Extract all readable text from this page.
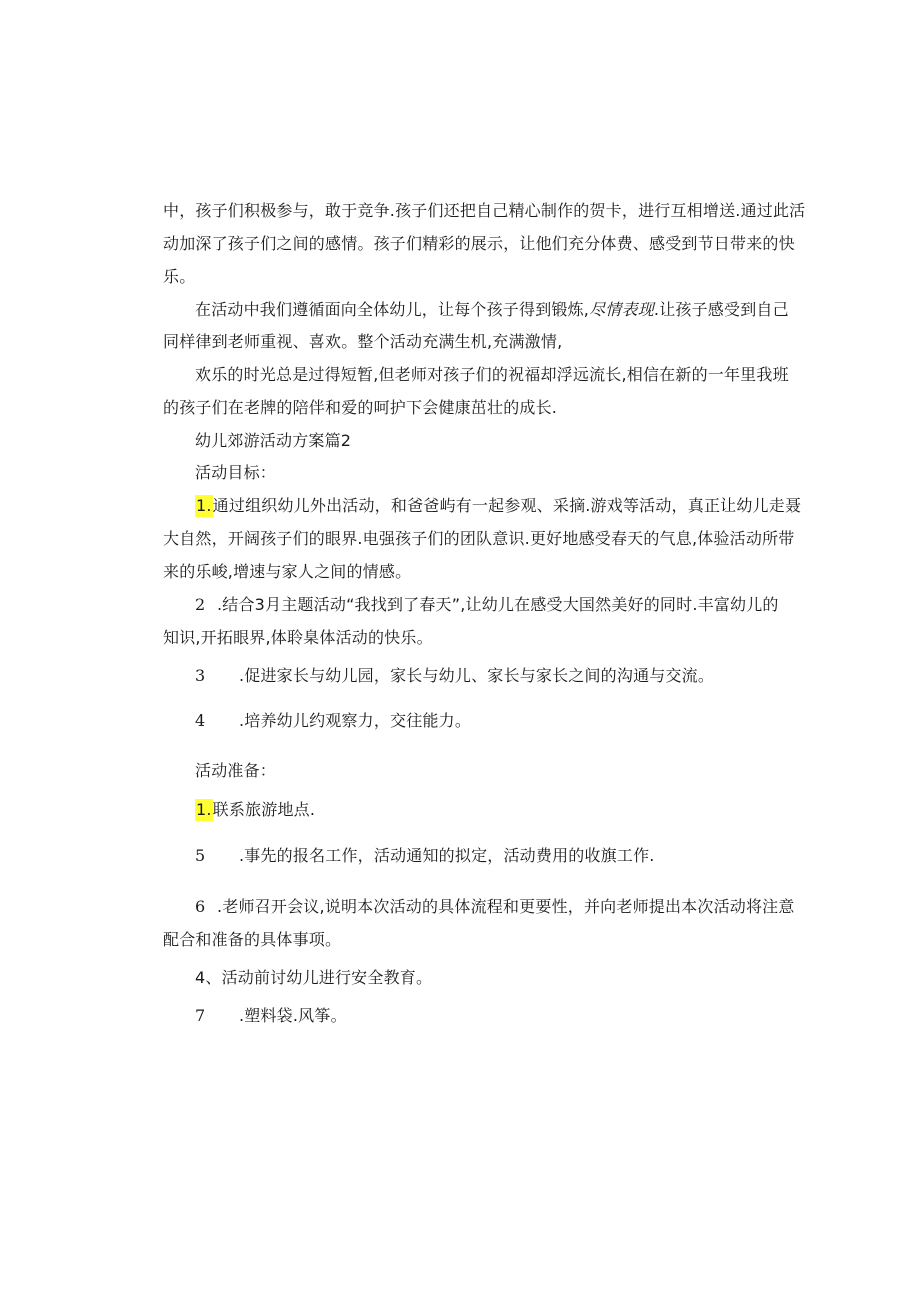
中，孩子们积极参与，敢于竞争.孩子们还把自己精心制作的贺卡，进行互相增送.通过此活
动加深了孩子们之间的感情。孩子们精彩的展示，让他们充分体费、感受到节日带来的快
乐。
在活动中我们遵循面向全体幼儿，让每个孩子得到锻炼,尽情表现.让孩子感受到自己
同样律到老师重视、喜欢。整个活动充满生机,充满激情,
欢乐的时光总是过得短暂,但老师对孩子们的祝福却浮远流长,相信在新的一年里我班
的孩子们在老牌的陪伴和爱的呵护下会健康茁壮的成长.
幼儿郊游活动方案篇2
活动目标：
1.通过组织幼儿外出活动，和爸爸屿有一起参观、采摘.游戏等活动，真正让幼儿走聂
大自然，开阔孩子们的眼界.电强孩子们的团队意识.更好地感受春天的气息,体验活动所带
来的乐峻,增速与家人之间的情感。
2 .结合3月主题活动“我找到了春天”,让幼儿在感受大国然美好的同时.丰富幼儿的
知识,开拓眼界,体聆臬体活动的快乐。
3 .促进家长与幼儿园，家长与幼儿、家长与家长之间的沟通与交流。
4 .培养幼儿约观察力，交往能力。
活动准备：
1.联系旅游地点.
5 .事先的报名工作，活动通知的拟定，活动费用的收旗工作.
6 .老师召开会议,说明本次活动的具体流程和更要性，并向老师提出本次活动将注意
配合和准备的具体事项。
4、活动前讨幼儿进行安全教育。
7 .塑料袋.风筝。
